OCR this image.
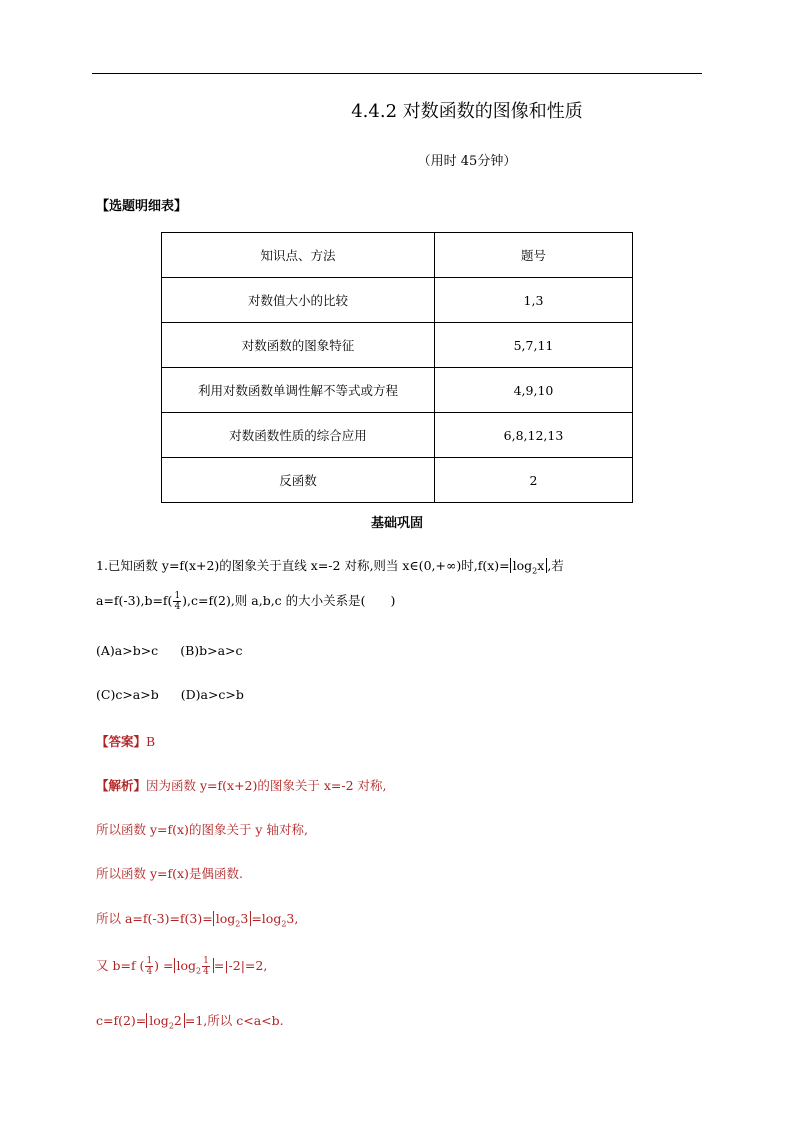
4.4.2 对数函数的图像和性质
（用时 45分钟）
【选题明细表】
知识点、方法	题号
对数值大小的比较	1,3
对数函数的图象特征	5,7,11
利用对数函数单调性解不等式或方程	4,9,10
对数函数性质的综合应用	6,8,12,13
反函数	2
基础巩固
1.已知函数 y=f(x+2)的图象关于直线 x=-2 对称,则当 x∈(0,+∞)时$,f(x)= \log_2x$ ,若
$a=f(-3),b=f( \frac{1}{4} ),c=f(2)$,则 a,b,c 的大小关系是(　　)
(A)a>b>c (B)b>a>c
(C)c>a>b (D)a>c>b
【答案】B
【解析】因为函数 y=f(x+2)的图象关于 x=-2 对称,
所以函数 y=f(x)的图象关于 y 轴对称,
所以函数 y=f(x)是偶函数.
所以 $a=f(-3)=f(3)= \log_23 =\log_23$,
又 b=f ( $\frac{1}{4}$ ) = $\log_2 \frac{1}{4} =|-2|=2$,
$c=f(2)= \log_22 =1$,所以 c<a<b.
